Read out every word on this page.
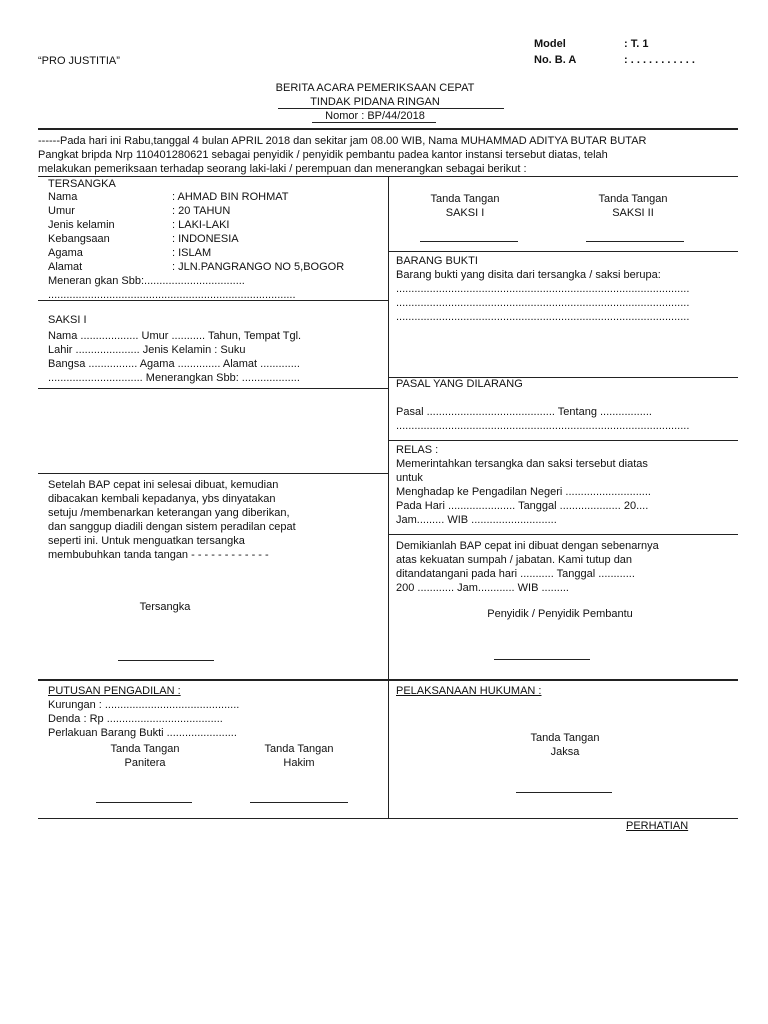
“PRO JUSTITIA”
Model	: T. 1
No. B. A	: . . . . . . . . . . .
BERITA ACARA PEMERIKSAAN CEPAT
TINDAK PIDANA RINGAN
Nomor : BP/44/2018
------Pada hari ini Rabu,tanggal 4 bulan APRIL 2018 dan sekitar jam 08.00 WIB, Nama MUHAMMAD ADITYA BUTAR BUTAR
Pangkat bripda Nrp 110401280621 sebagai penyidik / penyidik pembantu padea kantor instansi tersebut diatas, telah
melakukan pemeriksaan terhadap seorang laki-laki / perempuan dan menerangkan sebagai berikut :
TERSANGKA
Nama	: AHMAD BIN ROHMAT
Umur	: 20 TAHUN
Jenis kelamin	: LAKI-LAKI
Kebangsaan	: INDONESIA
Agama	: ISLAM
Alamat	: JLN.PANGRANGO NO 5,BOGOR
Meneran gkan Sbb:.................................
.................................................................................
SAKSI I
Nama ................... Umur ........... Tahun, Tempat Tgl.
Lahir ..................... Jenis Kelamin : Suku
Bangsa ................ Agama .............. Alamat .............
............................... Menerangkan Sbb: ...................
Setelah BAP cepat ini selesai dibuat, kemudian
dibacakan kembali kepadanya, ybs dinyatakan
setuju /membenarkan keterangan yang diberikan,
dan sanggup diadili dengan sistem peradilan cepat
seperti ini. Untuk menguatkan tersangka
membubuhkan tanda tangan - - - - - - - - - - - -
Tersangka
Tanda Tangan
SAKSI I
Tanda Tangan
SAKSI II
BARANG BUKTI
Barang bukti yang disita dari tersangka / saksi berupa:
................................................................................................
................................................................................................
................................................................................................
PASAL YANG DILARANG
Pasal .......................................... Tentang .................
................................................................................................
RELAS :
Memerintahkan tersangka dan saksi tersebut diatas
untuk
Menghadap ke Pengadilan Negeri ............................
Pada Hari ...................... Tanggal .................... 20....
Jam......... WIB ............................
Demikianlah BAP cepat ini dibuat dengan sebenarnya
atas kekuatan sumpah / jabatan. Kami tutup dan
ditandatangani pada hari ........... Tanggal ............
200 ............ Jam............ WIB .........
Penyidik / Penyidik Pembantu
PUTUSAN PENGADILAN :
Kurungan : ............................................
Denda : Rp ......................................
Perlakuan Barang Bukti .......................
Tanda Tangan
Panitera
Tanda Tangan
Hakim
PELAKSANAAN HUKUMAN :
Tanda Tangan
Jaksa
PERHATIAN
